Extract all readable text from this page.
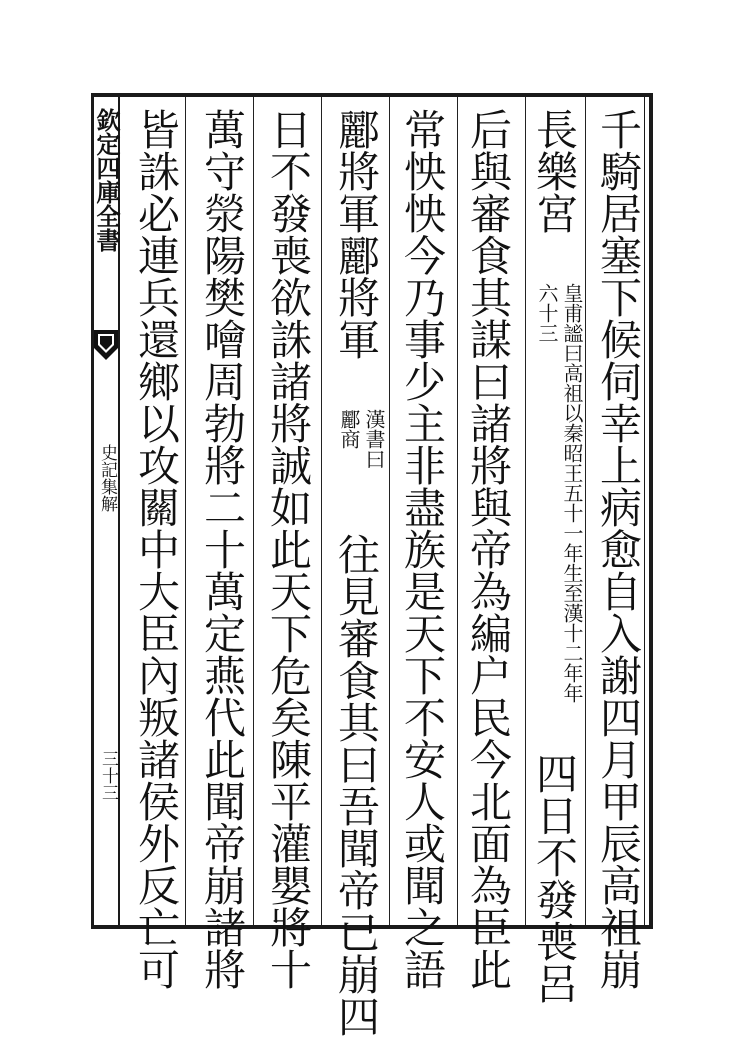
欽定四庫全書
史記集解
三十三	千騎居塞下候伺幸上病愈自入謝四月甲辰高祖崩
長樂宮 皇甫謐曰高祖以秦昭王五十一年生至漢十二年年六十三 四日不發喪呂
后與審食其謀曰諸將與帝為編户民今北面為臣此
常怏怏今乃事少主非盡族是天下不安人或聞之語
酈將軍酈將軍 漢書曰酈商 往見審食其曰吾聞帝已崩四
日不發喪欲誅諸將誠如此天下危矣陳平灌嬰將十
萬守滎陽樊噲周勃將二十萬定燕代此聞帝崩諸將
皆誅必連兵還鄉以攻關中大臣內叛諸侯外反亡可
